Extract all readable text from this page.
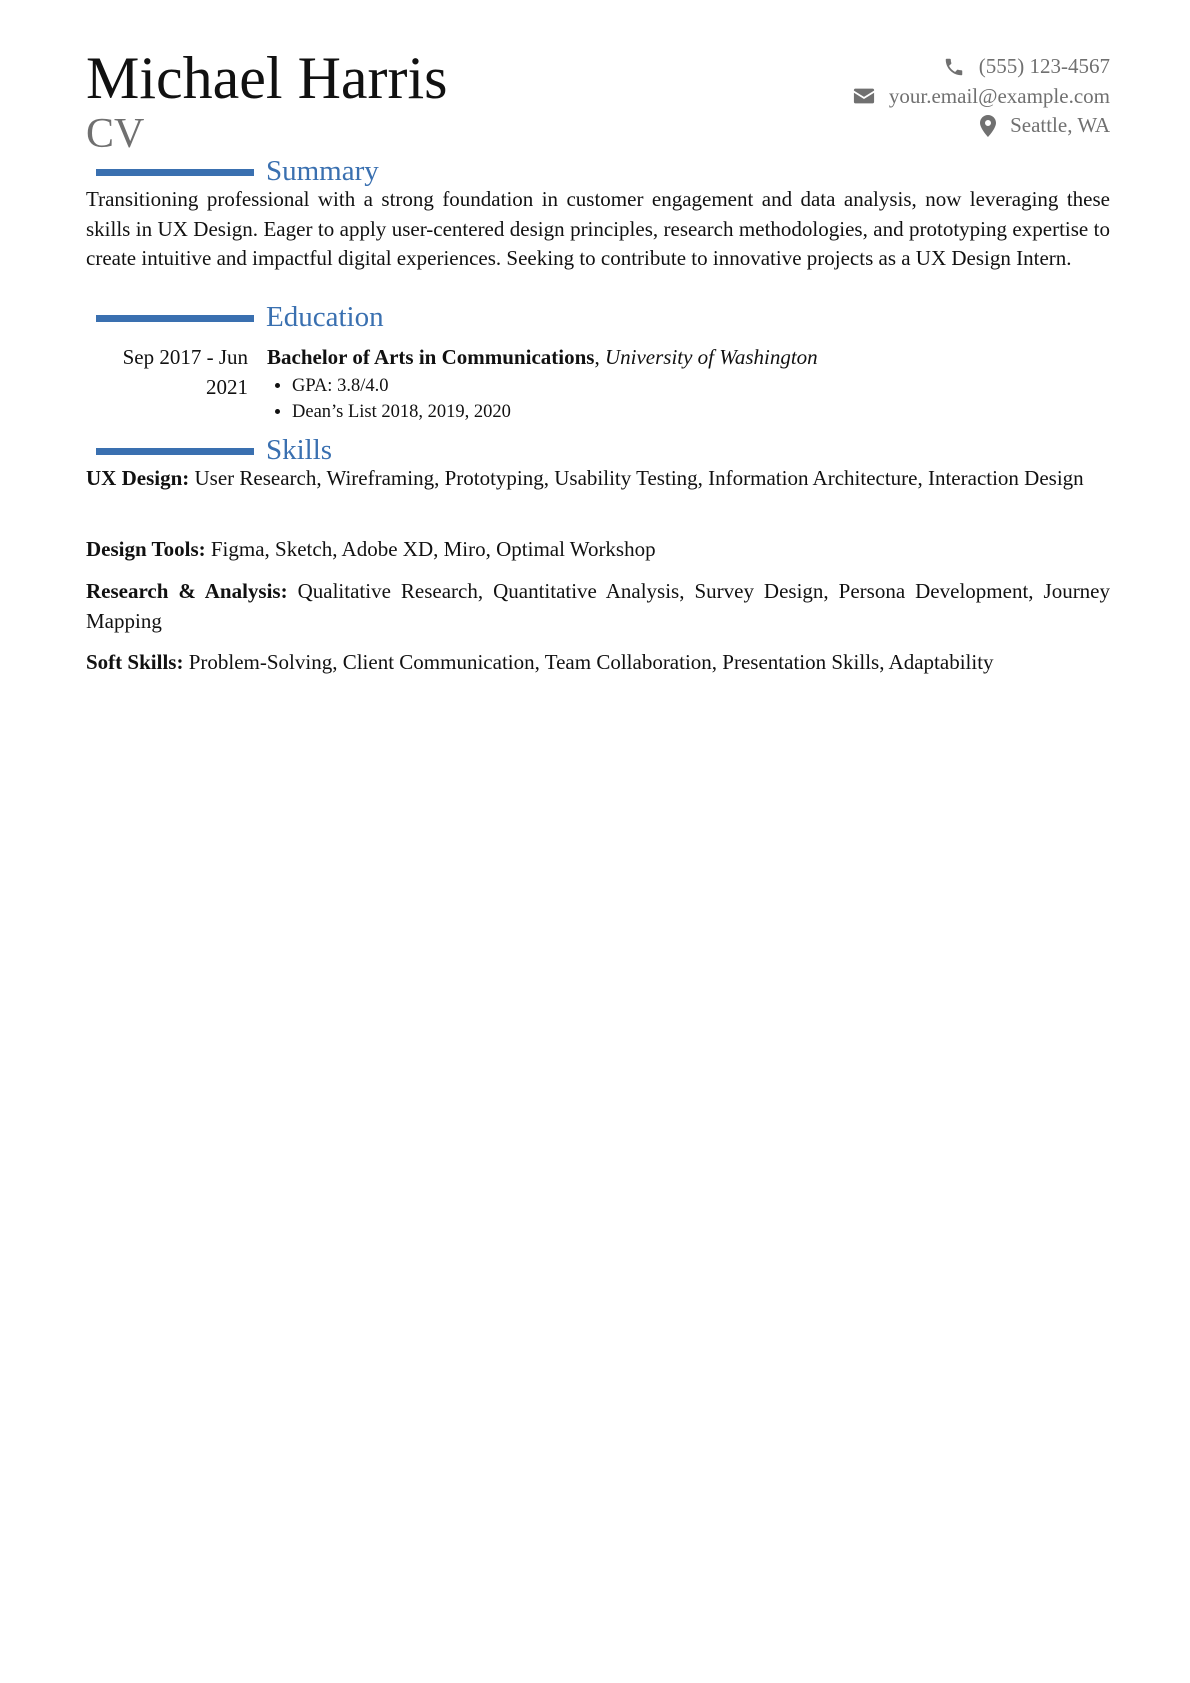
Michael Harris
CV
(555) 123-4567
your.email@example.com
Seattle, WA
Summary
Transitioning professional with a strong foundation in customer engagement and data analysis, now leveraging these skills in UX Design. Eager to apply user-centered design principles, research methodologies, and prototyping expertise to create intuitive and impactful digital experiences. Seeking to contribute to innovative projects as a UX Design Intern.
Education
Sep 2017 - Jun 2021
Bachelor of Arts in Communications, University of Washington
• GPA: 3.8/4.0
• Dean’s List 2018, 2019, 2020
Skills
UX Design: User Research, Wireframing, Prototyping, Usability Testing, Information Architecture, Interaction Design
Design Tools: Figma, Sketch, Adobe XD, Miro, Optimal Workshop
Research & Analysis: Qualitative Research, Quantitative Analysis, Survey Design, Persona Development, Journey Mapping
Soft Skills: Problem-Solving, Client Communication, Team Collaboration, Presentation Skills, Adaptability
